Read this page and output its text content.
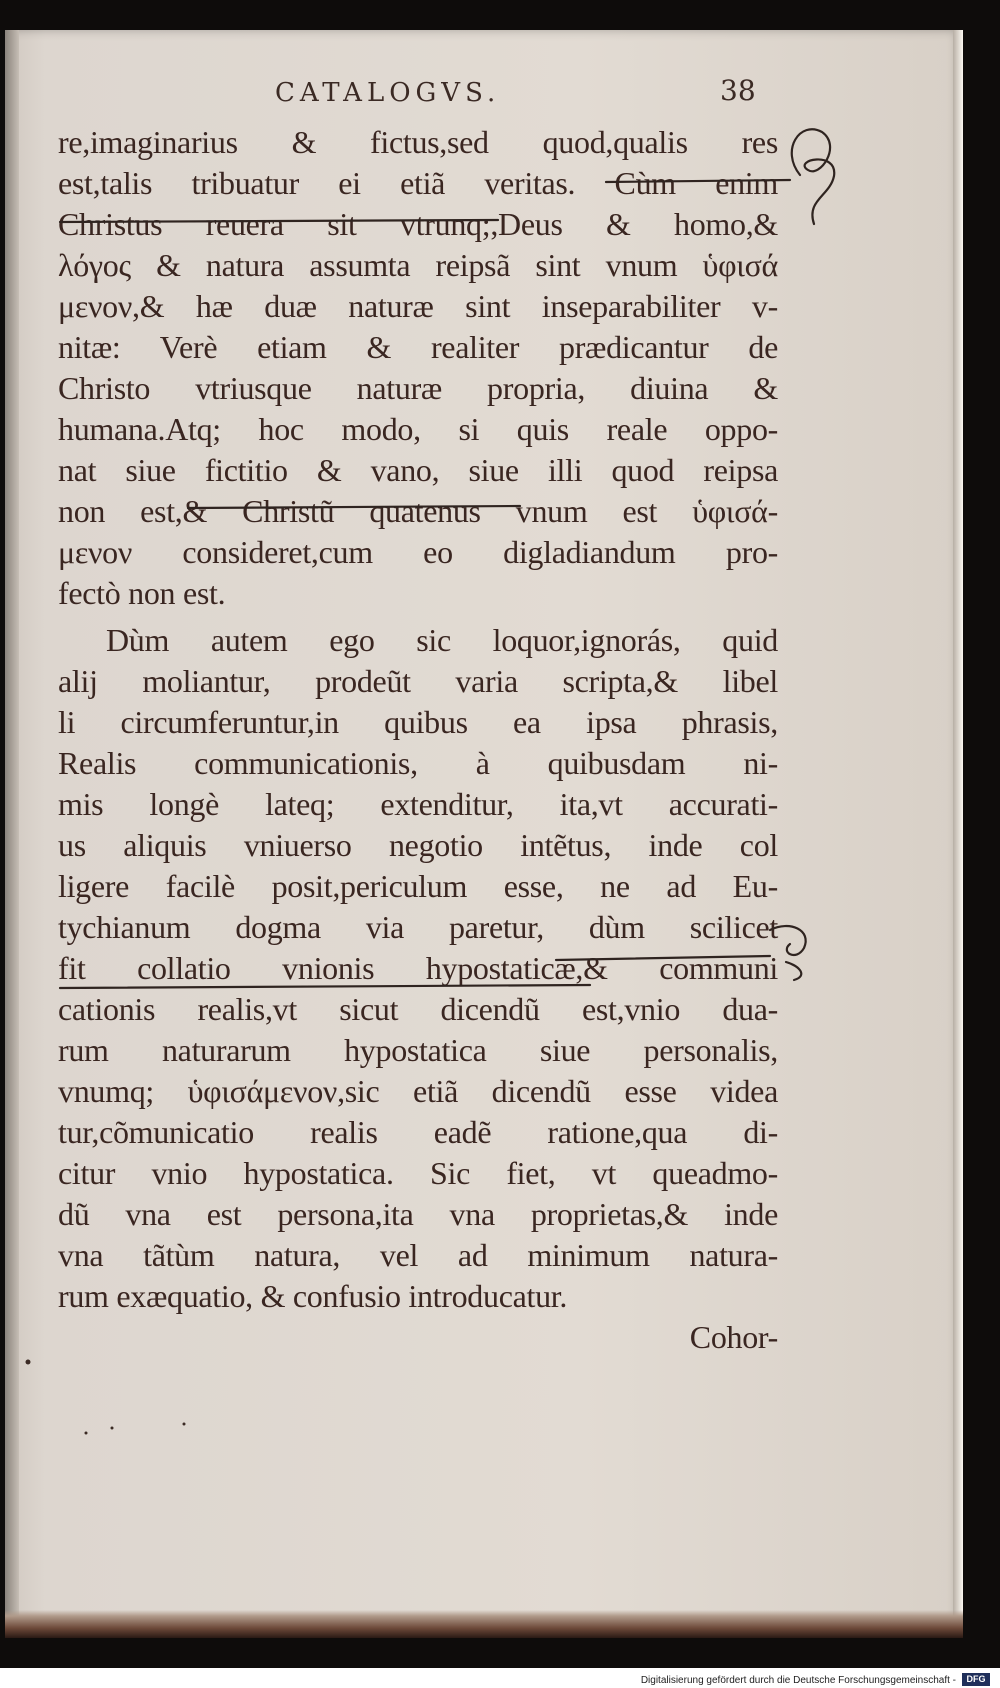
CATALOGVS.	38
re,imaginarius & fictus,sed quod,qualis res
est,talis tribuatur ei etiã veritas. Cùm enim
Christus reuera sit vtrunq;,Deus & homo,&
λόγος & natura assumta reipsã sint vnum ὑφισά
μενον,& hæ duæ naturæ sint inseparabiliter v-
nitæ: Verè etiam & realiter prædicantur de
Christo vtriusque naturæ propria, diuina &
humana.Atq; hoc modo, si quis reale oppo-
nat siue fictitio & vano, siue illi quod reipsa
non est,& Christũ quatenus vnum est ὑφισά-
μενον consideret,cum eo digladiandum pro-
fectò non est.
Dùm autem ego sic loquor,ignorás, quid
alij moliantur, prodeũt varia scripta,& libel
li circumferuntur,in quibus ea ipsa phrasis,
Realis communicationis, à quibusdam ni-
mis longè lateq; extenditur, ita,vt accurati-
us aliquis vniuerso negotio intẽtus, inde col
ligere facilè posit,periculum esse, ne ad Eu-
tychianum dogma via paretur, dùm scilicet
fit collatio vnionis hypostaticæ,& communi
cationis realis,vt sicut dicendũ est,vnio dua-
rum naturarum hypostatica siue personalis,
vnumq; ὑφισάμενον,sic etiã dicendũ esse videa
tur,cõmunicatio realis eadẽ ratione,qua di-
citur vnio hypostatica. Sic fiet, vt queadmo-
dũ vna est persona,ita vna proprietas,& inde
vna tãtùm natura, vel ad minimum natura-
rum exæquatio, & confusio introducatur.
Cohor-
Digitalisierung gefördert durch die Deutsche Forschungsgemeinschaft -	DFG
